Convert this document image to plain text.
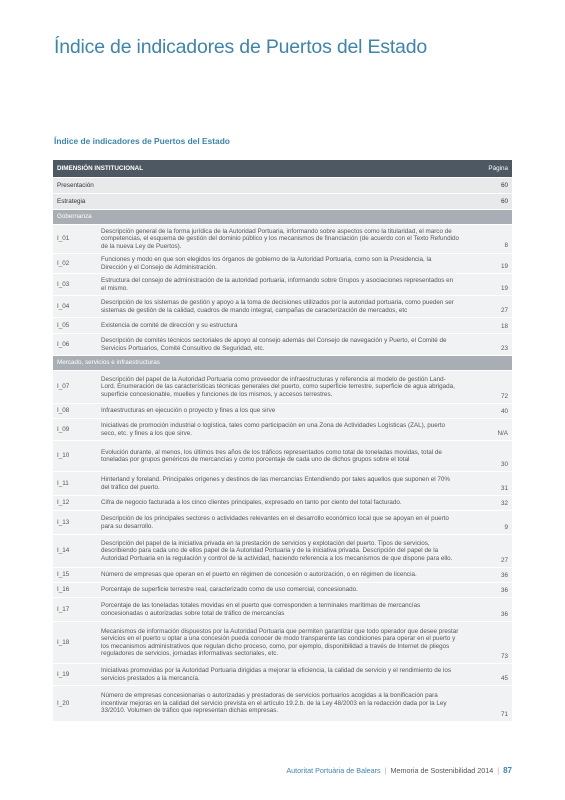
Índice de indicadores de Puertos del Estado
Índice de indicadores de Puertos del Estado
DIMENSIÓN INSTITUCIONAL		Página
Presentación		60
Estrategia		60
Gobernanza		
I_01	Descripción general de la forma jurídica de la Autoridad Portuaria, informando sobre aspectos como la titularidad, el marco de competencias, el esquema de gestión del dominio público y los mecanismos de financiación (de acuerdo con el Texto Refundido de la nueva Ley de Puertos).	8
I_02	Funciones y modo en que son elegidos los órganos de gobierno de la Autoridad Portuaria, como son la Presidencia, la Dirección y el Consejo de Administración.	19
I_03	Estructura del consejo de administración de la autoridad portuaria, informando sobre Grupos y asociaciones representados en el mismo.	19
I_04	Descripción de los sistemas de gestión y apoyo a la toma de decisiones utilizados por la autoridad portuaria, como pueden ser sistemas de gestión de la calidad, cuadros de mando integral, campañas de caracterización de mercados, etc	27
I_05	Existencia de comité de dirección y su estructura	18
I_06	Descripción de comités técnicos sectoriales de apoyo al consejo además del Consejo de navegación y Puerto, el Comité de Servicios Portuarios, Comité Consultivo de Seguridad, etc.	23
Mercado, servicios e infraestructuras		
I_07	Descripción del papel de la Autoridad Portuaria como proveedor de infraestructuras y referencia al modelo de gestión Land-Lord. Enumeración de las características técnicas generales del puerto, como superficie terrestre, superficie de agua abrigada, superficie concesionable, muelles y funciones de los mismos, y accesos terrestres.	72
I_08	Infraestructuras en ejecución o proyecto y fines a los que sirve	40
I_09	Iniciativas de promoción industrial o logística, tales como participación en una Zona de Actividades Logísticas (ZAL), puerto seco, etc. y fines a los que sirve.	N/A
I_10	Evolución durante, al menos, los últimos tres años de los tráficos representados como total de toneladas movidas, total de toneladas por grupos genéricos de mercancías y como porcentaje de cada uno de dichos grupos sobre el total	30
I_11	Hinterland y foreland. Principales orígenes y destinos de las mercancías Entendiendo por tales aquellos que suponen el 70% del tráfico del puerto.	31
I_12	Cifra de negocio facturada a los cinco clientes principales, expresado en tanto por ciento del total facturado.	32
I_13	Descripción de los principales sectores o actividades relevantes en el desarrollo económico local que se apoyan en el puerto para su desarrollo.	9
I_14	Descripción del papel de la iniciativa privada en la prestación de servicios y explotación del puerto. Tipos de servicios, describiendo para cada uno de ellos papel de la Autoridad Portuaria y de la iniciativa privada. Descripción del papel de la Autoridad Portuaria en la regulación y control de la actividad, haciendo referencia a los mecanismos de que dispone para ello.	27
I_15	Número de empresas que operan en el puerto en régimen de concesión o autorización, o en régimen de licencia.	36
I_16	Porcentaje de superficie terrestre real, caracterizado como de uso comercial, concesionado.	36
I_17	Porcentaje de las toneladas totales movidas en el puerto que corresponden a terminales marítimas de mercancías concesionadas o autorizadas sobre total de tráfico de mercancías	36
I_18	Mecanismos de información dispuestos por la Autoridad Portuaria que permiten garantizar que todo operador que desee prestar servicios en el puerto u optar a una concesión pueda conocer de modo transparente las condiciones para operar en el puerto y los mecanismos administrativos que regulan dicho proceso, como, por ejemplo, disponibilidad a través de Internet de pliegos reguladores de servicios, jornadas informativas sectoriales, etc.	73
I_19	Iniciativas promovidas por la Autoridad Portuaria dirigidas a mejorar la eficiencia, la calidad de servicio y el rendimiento de los servicios prestados a la mercancía.	45
I_20	Número de empresas concesionarias o autorizadas y prestadoras de servicios portuarios acogidas a la bonificación para incentivar mejoras en la calidad del servicio prevista en el artículo 19.2.b. de la Ley 48/2003 en la redacción dada por la Ley 33/2010. Volumen de tráfico que representan dichas empresas.	71
Autoritat Portuària de Balears | Memoria de Sostenibilidad 2014 | 87
